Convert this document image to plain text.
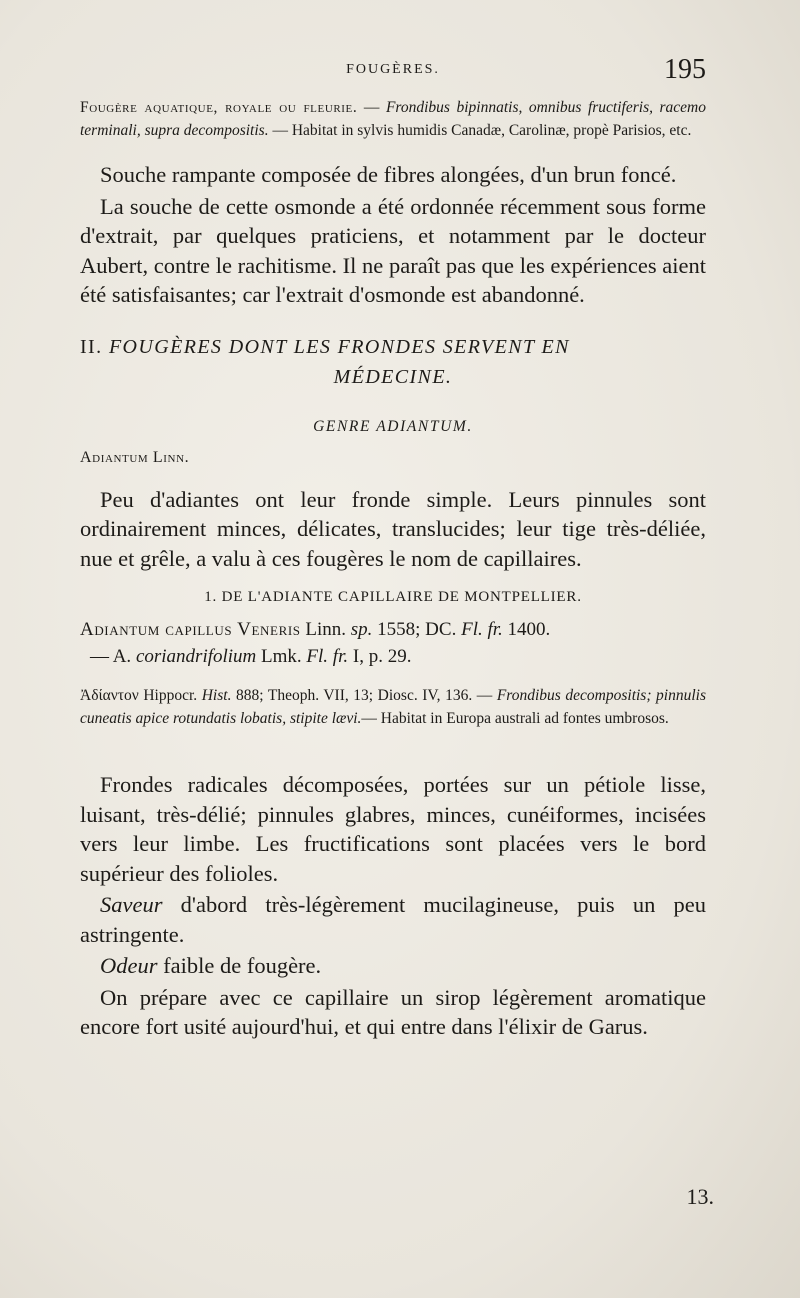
FOUGÈRES.	195

Fougère aquatique, royale ou fleurie. — Frondibus bipinnatis, omnibus fructiferis, racemo terminali, supra decompositis. — Habitat in sylvis humidis Canadæ, Carolinæ, propè Parisios, etc.

Souche rampante composée de fibres alongées, d'un brun foncé.

La souche de cette osmonde a été ordonnée récemment sous forme d'extrait, par quelques praticiens, et notamment par le docteur Aubert, contre le rachitisme. Il ne paraît pas que les expériences aient été satisfaisantes; car l'extrait d'osmonde est abandonné.

II. FOUGÈRES DONT LES FRONDES SERVENT EN
MÉDECINE.

GENRE ADIANTUM.

Adiantum Linn.

Peu d'adiantes ont leur fronde simple. Leurs pinnules sont ordinairement minces, délicates, translucides; leur tige très-déliée, nue et grêle, a valu à ces fougères le nom de capillaires.

1. DE L'ADIANTE CAPILLAIRE DE MONTPELLIER.

Adiantum capillus Veneris Linn. sp. 1558; DC. Fl. fr. 1400.
— A. coriandrifolium Lmk. Fl. fr. I, p. 29.

Ἀδίαντον Hippocr. Hist. 888; Theoph. VII, 13; Diosc. IV, 136. — Frondibus decompositis; pinnulis cuneatis apice rotundatis lobatis, stipite lævi.— Habitat in Europa australi ad fontes umbrosos.

Frondes radicales décomposées, portées sur un pétiole lisse, luisant, très-délié; pinnules glabres, minces, cunéiformes, incisées vers leur limbe. Les fructifications sont placées vers le bord supérieur des folioles.

Saveur d'abord très-légèrement mucilagineuse, puis un peu astringente.

Odeur faible de fougère.

On prépare avec ce capillaire un sirop légèrement aromatique encore fort usité aujourd'hui, et qui entre dans l'élixir de Garus.

13.
